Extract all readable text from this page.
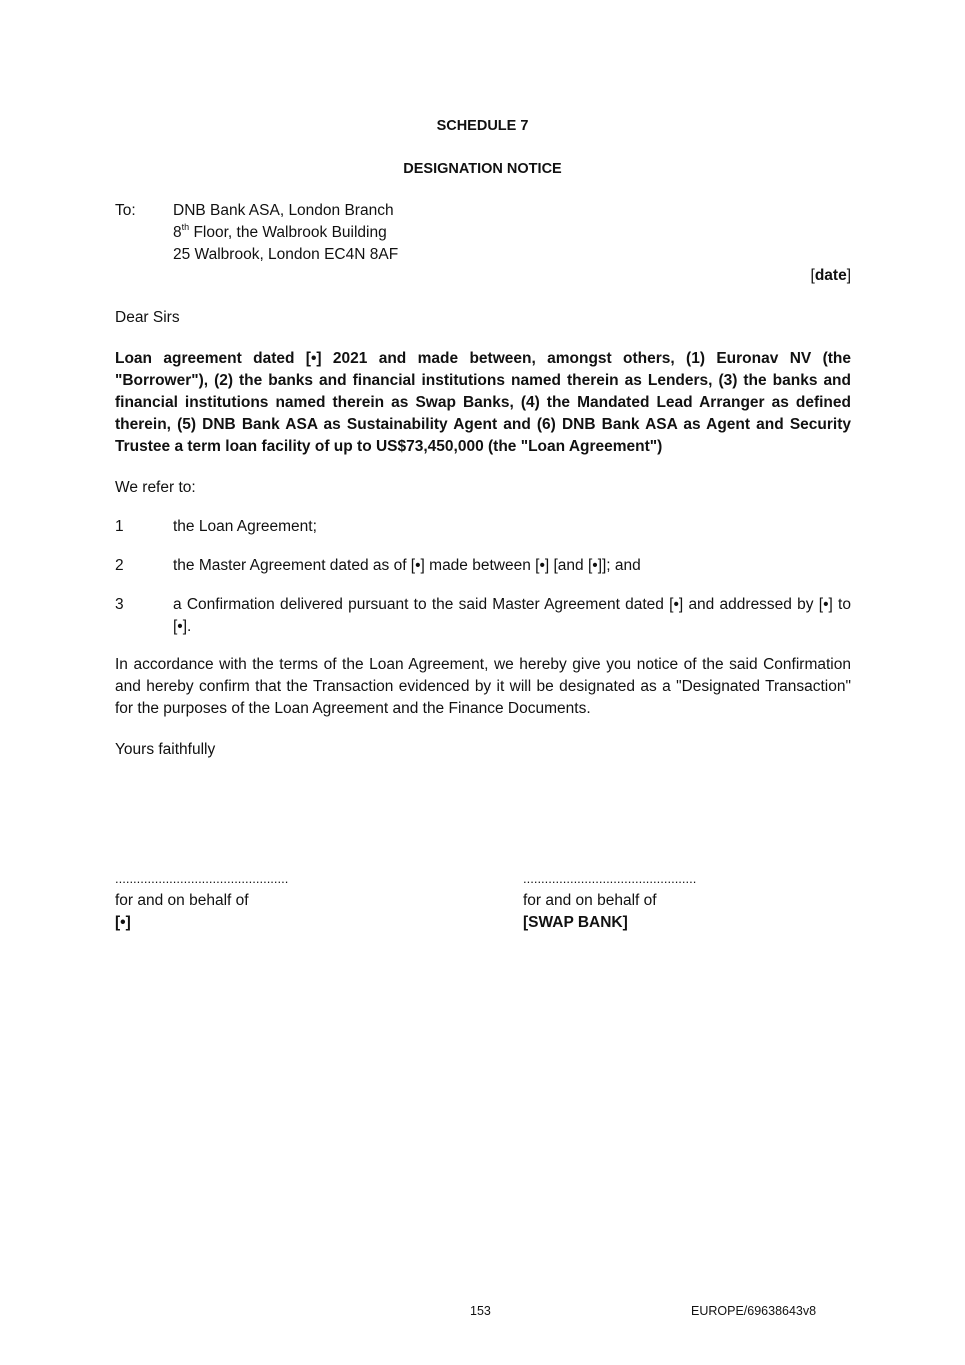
SCHEDULE 7
DESIGNATION NOTICE
To: DNB Bank ASA, London Branch
8th Floor, the Walbrook Building
25 Walbrook, London EC4N 8AF
[date]
Dear Sirs
Loan agreement dated [•] 2021 and made between, amongst others, (1) Euronav NV (the "Borrower"), (2) the banks and financial institutions named therein as Lenders, (3) the banks and financial institutions named therein as Swap Banks, (4) the Mandated Lead Arranger as defined therein, (5) DNB Bank ASA as Sustainability Agent and (6) DNB Bank ASA as Agent and Security Trustee a term loan facility of up to US$73,450,000 (the "Loan Agreement")
We refer to:
1	the Loan Agreement;
2	the Master Agreement dated as of [•] made between [•] [and [•]]; and
3	a Confirmation delivered pursuant to the said Master Agreement dated [•] and addressed by [•] to [•].
In accordance with the terms of the Loan Agreement, we hereby give you notice of the said Confirmation and hereby confirm that the Transaction evidenced by it will be designated as a "Designated Transaction" for the purposes of the Loan Agreement and the Finance Documents.
Yours faithfully
................................................
for and on behalf of
[•]
................................................
for and on behalf of
[SWAP BANK]
153	EUROPE/69638643v8
